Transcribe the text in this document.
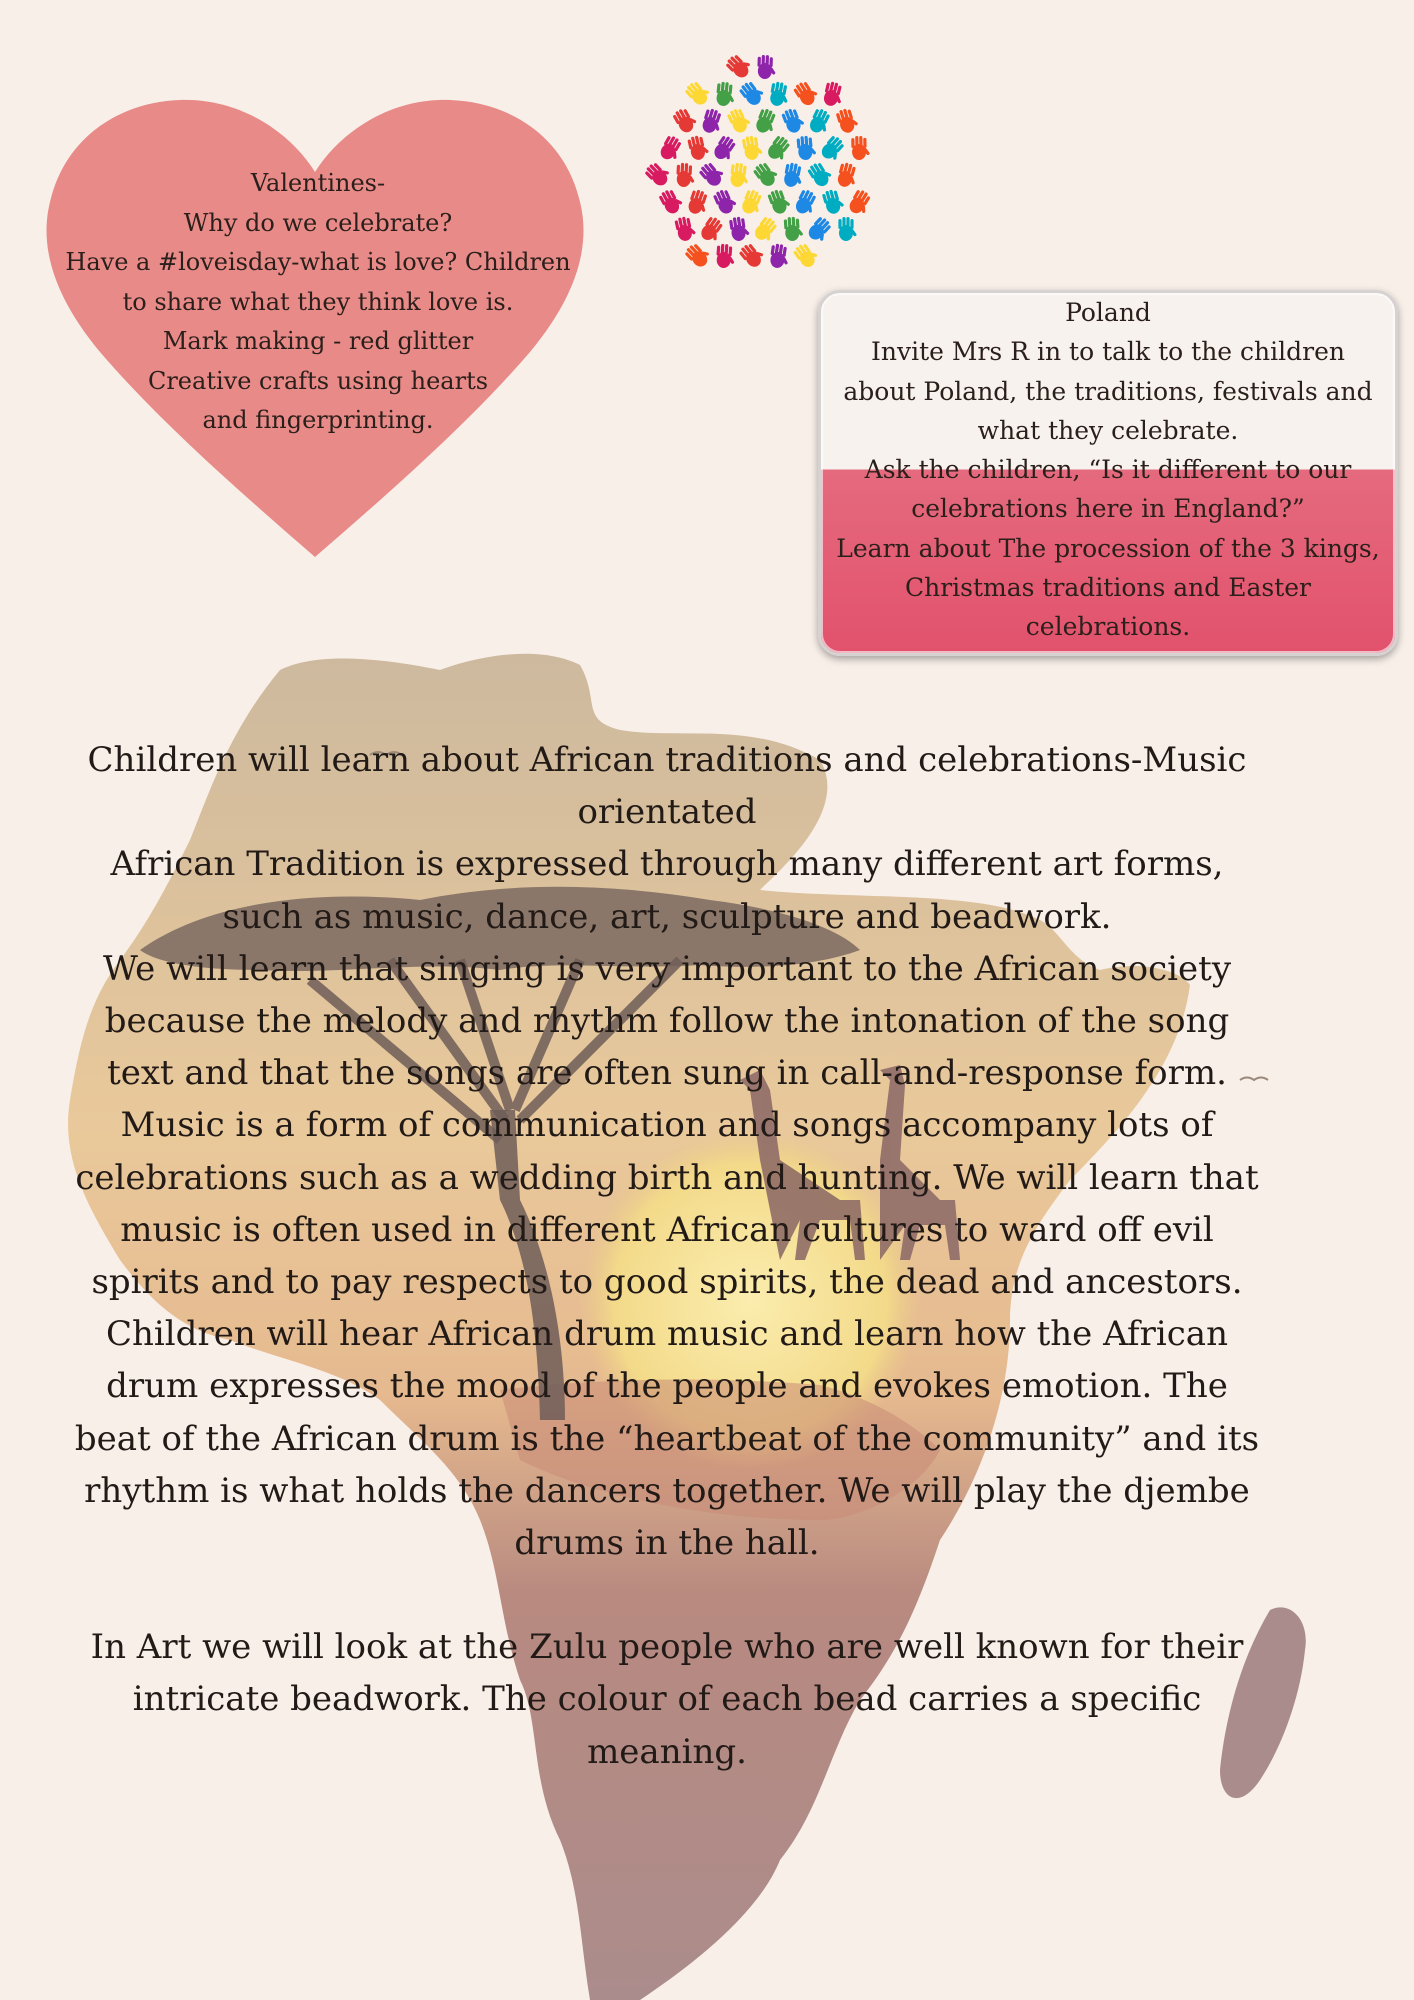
Valentines-
Why do we celebrate?
Have a #loveisday-what is love? Children
to share what they think love is.
Mark making - red glitter
Creative crafts using hearts
and fingerprinting.
Poland
Invite Mrs R in to talk to the children
about Poland, the traditions, festivals and
what they celebrate.
Ask the children, “Is it different to our
celebrations here in England?”
Learn about The procession of the 3 kings,
Christmas traditions and Easter
celebrations.
Children will learn about African traditions and celebrations-Music
orientated
African Tradition is expressed through many different art forms,
such as music, dance, art, sculpture and beadwork.
We will learn that singing is very important to the African society
because the melody and rhythm follow the intonation of the song
text and that the songs are often sung in call-and-response form.
Music is a form of communication and songs accompany lots of
celebrations such as a wedding birth and hunting. We will learn that
music is often used in different African cultures to ward off evil
spirits and to pay respects to good spirits, the dead and ancestors.
Children will hear African drum music and learn how the African
drum expresses the mood of the people and evokes emotion. The
beat of the African drum is the “heartbeat of the community” and its
rhythm is what holds the dancers together. We will play the djembe
drums in the hall.
In Art we will look at the Zulu people who are well known for their
intricate beadwork. The colour of each bead carries a specific
meaning.
